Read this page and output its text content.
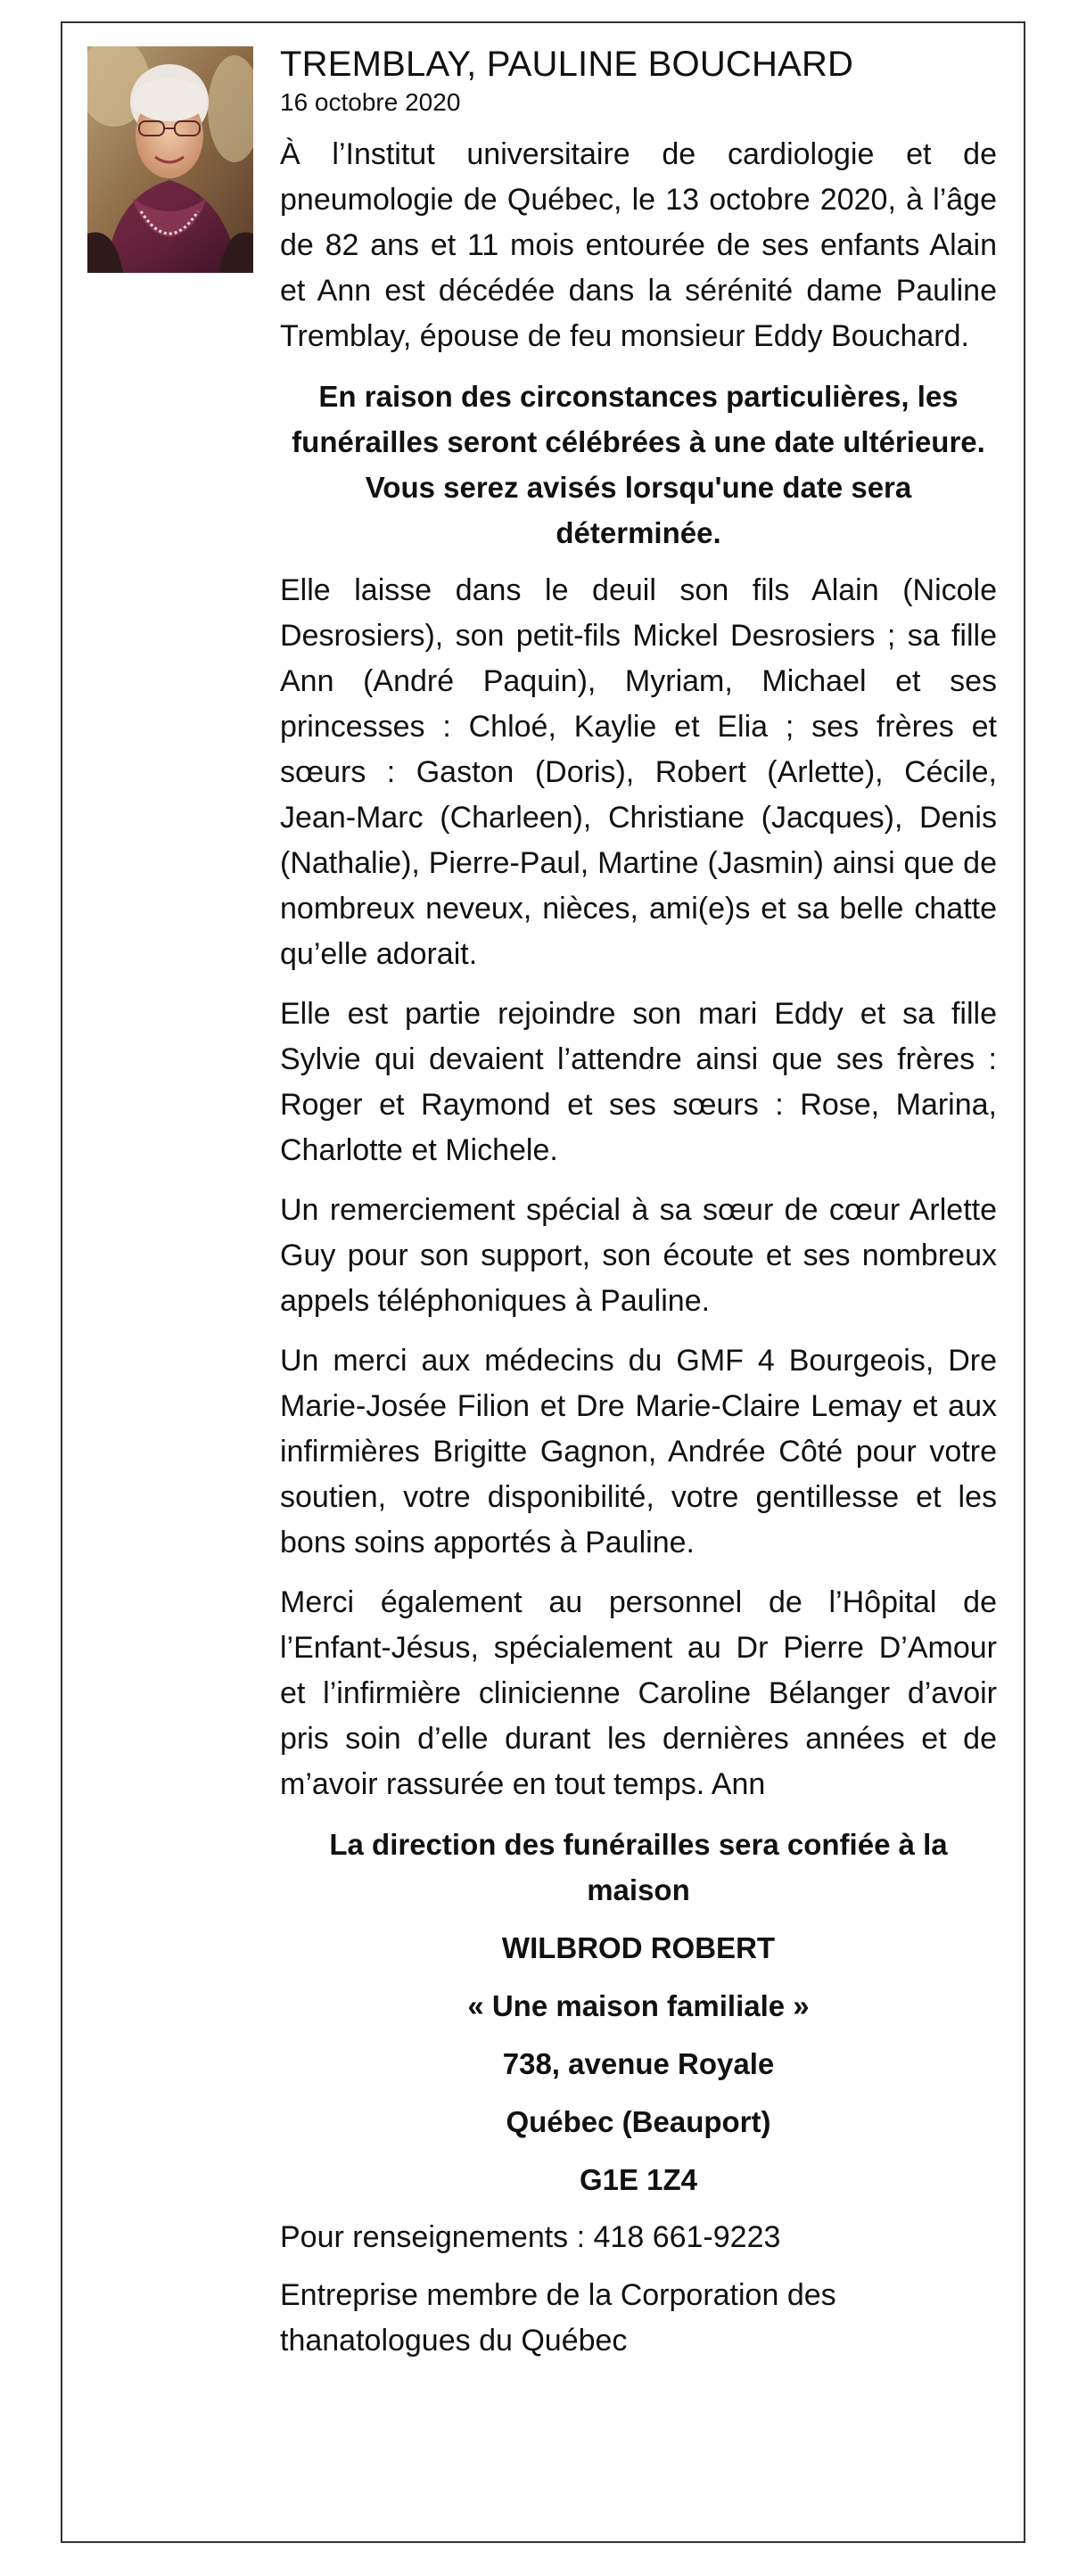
TREMBLAY, PAULINE BOUCHARD
16 octobre 2020

À l’Institut universitaire de cardiologie et de pneumologie de Québec, le 13 octobre 2020, à l’âge de 82 ans et 11 mois entourée de ses enfants Alain et Ann est décédée dans la sérénité dame Pauline Tremblay, épouse de feu monsieur Eddy Bouchard.

En raison des circonstances particulières, les funérailles seront célébrées à une date ultérieure. Vous serez avisés lorsqu'une date sera déterminée.

Elle laisse dans le deuil son fils Alain (Nicole Desrosiers), son petit-fils Mickel Desrosiers ; sa fille Ann (André Paquin), Myriam, Michael et ses princesses : Chloé, Kaylie et Elia ; ses frères et sœurs : Gaston (Doris), Robert (Arlette), Cécile, Jean-Marc (Charleen), Christiane (Jacques), Denis (Nathalie), Pierre-Paul, Martine (Jasmin) ainsi que de nombreux neveux, nièces, ami(e)s et sa belle chatte qu’elle adorait.

Elle est partie rejoindre son mari Eddy et sa fille Sylvie qui devaient l’attendre ainsi que ses frères : Roger et Raymond et ses sœurs : Rose, Marina, Charlotte et Michele.

Un remerciement spécial à sa sœur de cœur Arlette Guy pour son support, son écoute et ses nombreux appels téléphoniques à Pauline.

Un merci aux médecins du GMF 4 Bourgeois, Dre Marie-Josée Filion et Dre Marie-Claire Lemay et aux infirmières Brigitte Gagnon, Andrée Côté pour votre soutien, votre disponibilité, votre gentillesse et les bons soins apportés à Pauline.

Merci également au personnel de l’Hôpital de l’Enfant-Jésus, spécialement au Dr Pierre D’Amour et l’infirmière clinicienne Caroline Bélanger d’avoir pris soin d’elle durant les dernières années et de m’avoir rassurée en tout temps. Ann

La direction des funérailles sera confiée à la maison
WILBROD ROBERT
« Une maison familiale »
738, avenue Royale
Québec (Beauport)
G1E 1Z4
Pour renseignements : 418 661-9223
Entreprise membre de la Corporation des thanatologues du Québec
